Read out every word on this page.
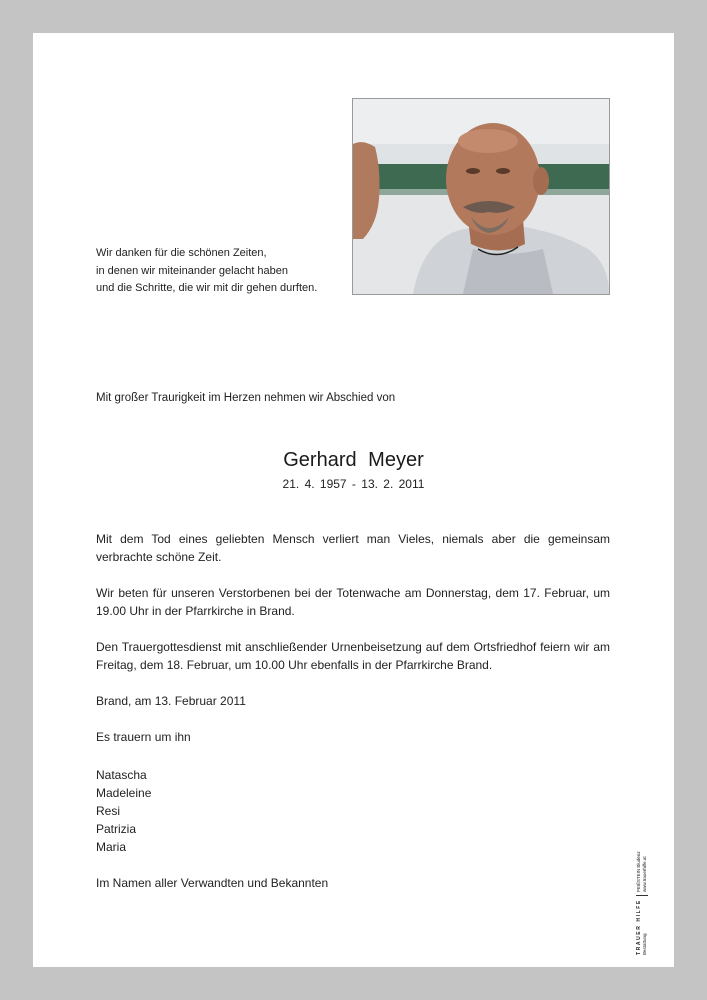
Wir danken für die schönen Zeiten,
in denen wir miteinander gelacht haben
und die Schritte, die wir mit dir gehen durften.
Mit großer Traurigkeit im Herzen nehmen wir Abschied von
Gerhard Meyer
21. 4. 1957 - 13. 2. 2011

Mit dem Tod eines geliebten Mensch verliert man Vieles, niemals aber die gemeinsam verbrachte schöne Zeit.

Wir beten für unseren Verstorbenen bei der Totenwache am Donnerstag, dem 17. Februar, um 19.00 Uhr in der Pfarrkirche in Brand.

Den Trauergottesdienst mit anschließender Urnenbeisetzung auf dem Ortsfriedhof feiern wir am Freitag, dem 18. Februar, um 10.00 Uhr ebenfalls in der Pfarrkirche Brand.

Brand, am 13. Februar 2011
Es trauern um ihn
Natascha
Madeleine
Resi
Patrizia
Maria
Im Namen aller Verwandten und Bekannten
TRAUER HILFE Bestattung
PEIßSTEIN Bludenz www.trauerhilfe.at
